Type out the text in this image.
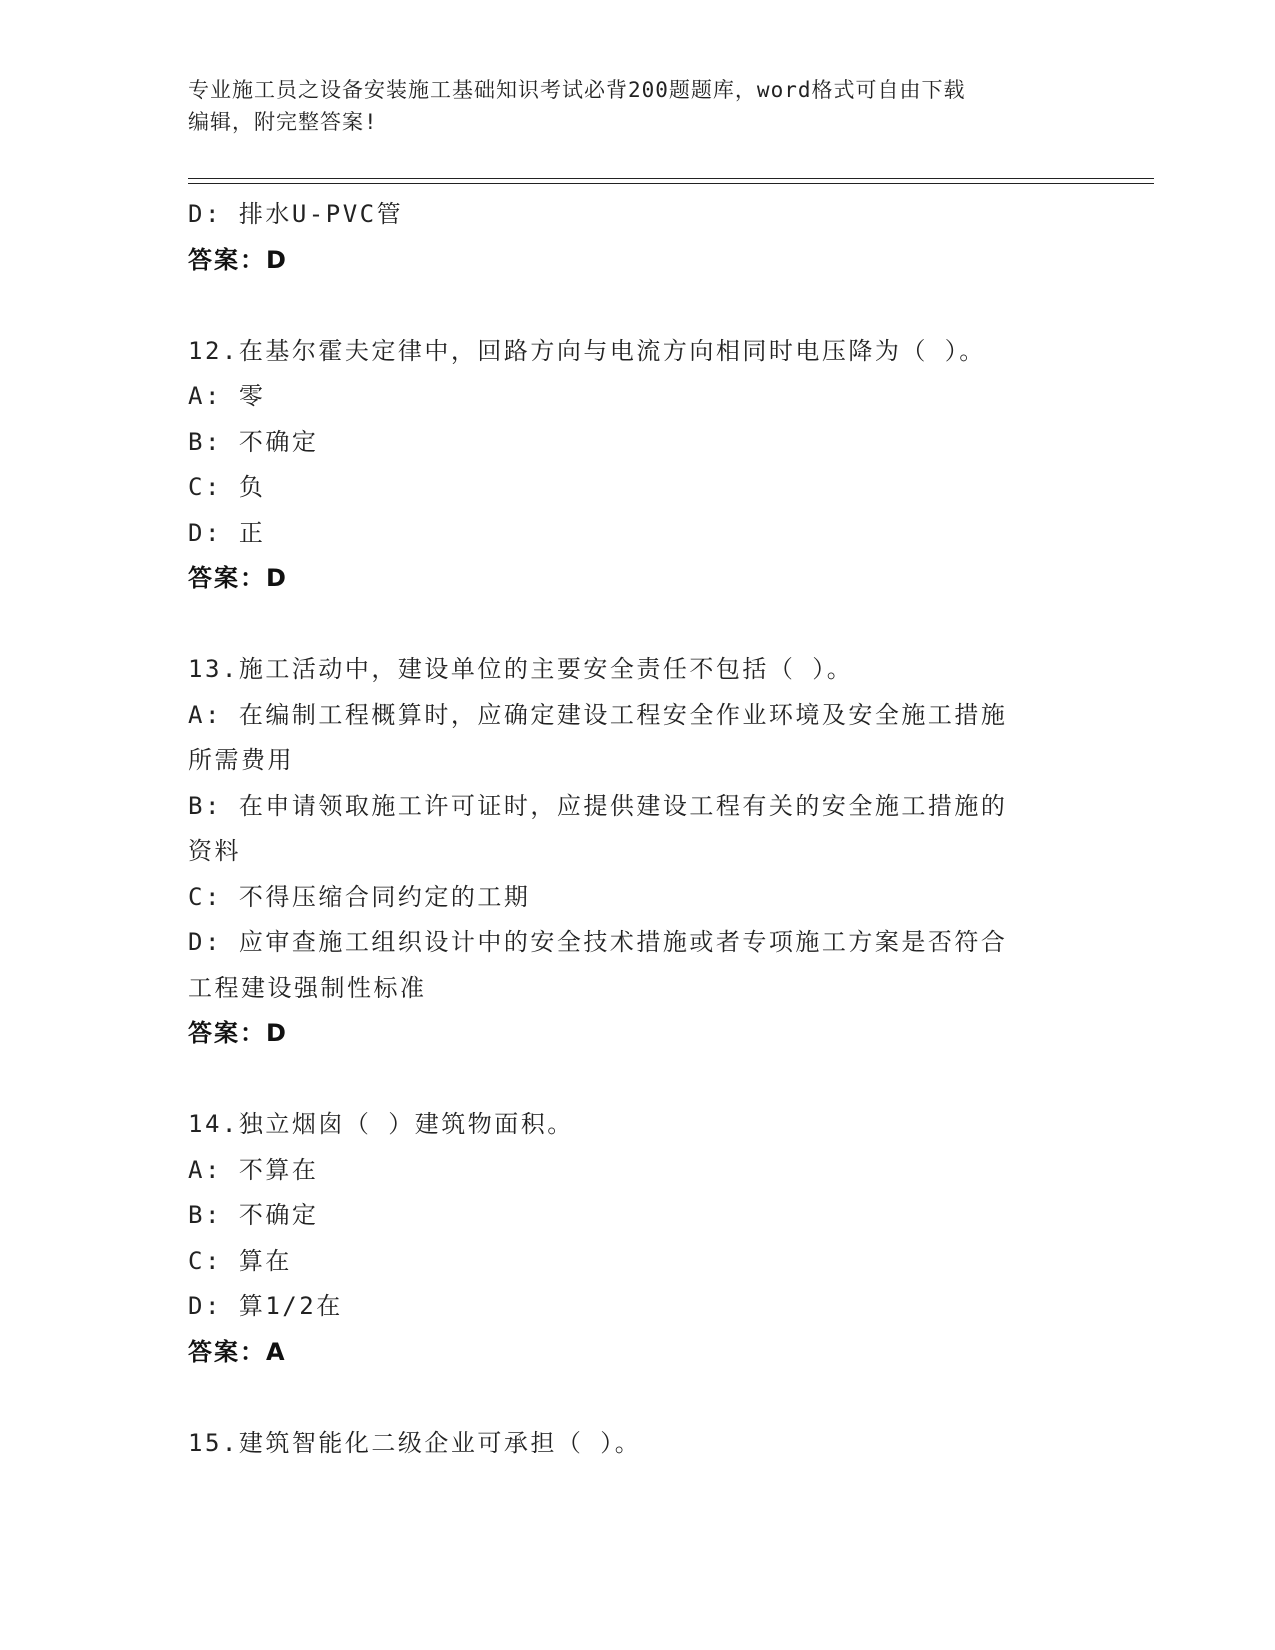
专业施工员之设备安装施工基础知识考试必背200题题库，word格式可自由下载
编辑，附完整答案!
D: 排水U-PVC管
答案：D
12.在基尔霍夫定律中，回路方向与电流方向相同时电压降为（ ）。
A: 零
B: 不确定
C: 负
D: 正
答案：D
13.施工活动中，建设单位的主要安全责任不包括（ ）。
A: 在编制工程概算时，应确定建设工程安全作业环境及安全施工措施
所需费用
B: 在申请领取施工许可证时，应提供建设工程有关的安全施工措施的
资料
C: 不得压缩合同约定的工期
D: 应审查施工组织设计中的安全技术措施或者专项施工方案是否符合
工程建设强制性标准
答案：D
14.独立烟囱（ ）建筑物面积。
A: 不算在
B: 不确定
C: 算在
D: 算1/2在
答案：A
15.建筑智能化二级企业可承担（ ）。
